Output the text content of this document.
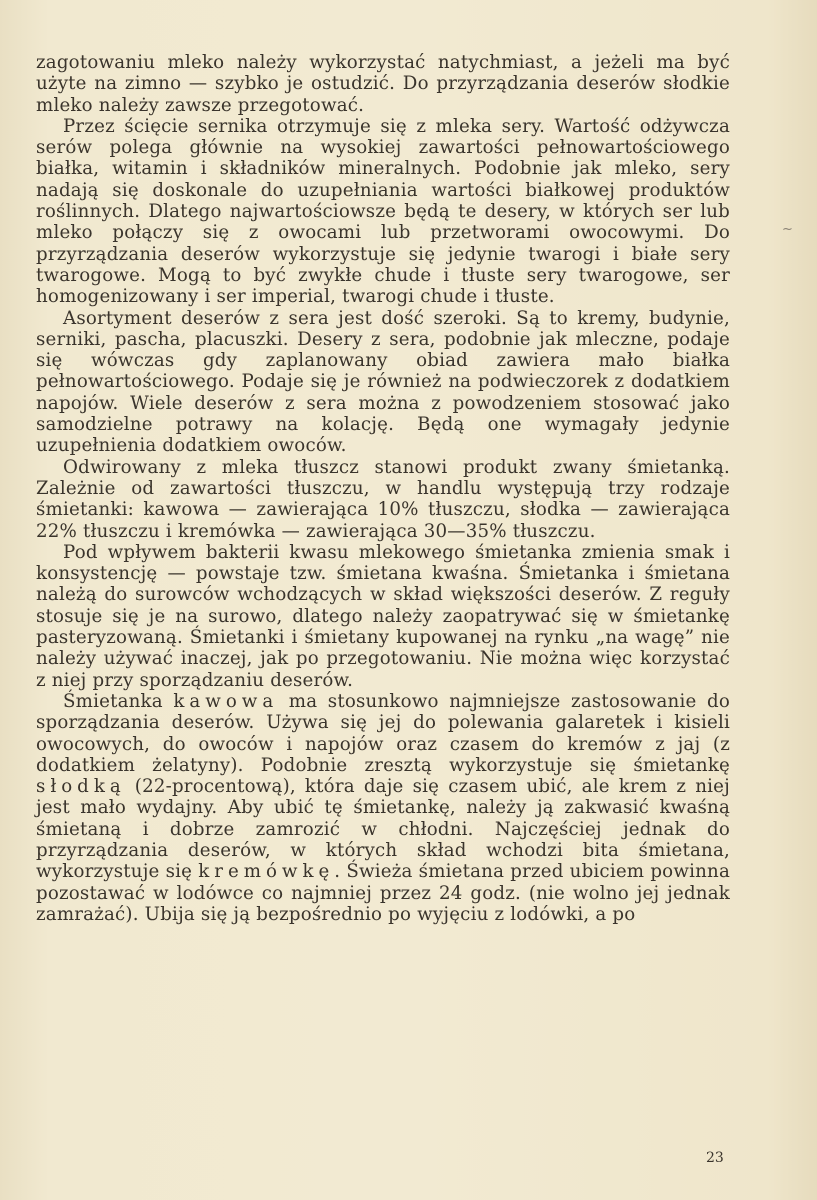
~

zagotowaniu mleko należy wykorzystać natychmiast, a jeżeli ma być użyte na zimno — szybko je ostudzić. Do przyrządzania deserów słodkie mleko należy zawsze przegotować.

Przez ścięcie sernika otrzymuje się z mleka sery. Wartość odżywcza serów polega głównie na wysokiej zawartości pełnowartościowego białka, witamin i składników mineralnych. Podobnie jak mleko, sery nadają się doskonale do uzupełniania wartości białkowej produktów roślinnych. Dlatego najwartościowsze będą te desery, w których ser lub mleko połączy się z owocami lub przetworami owocowymi. Do przyrządzania deserów wykorzystuje się jedynie twarogi i białe sery twarogowe. Mogą to być zwykłe chude i tłuste sery twarogowe, ser homogenizowany i ser imperial, twarogi chude i tłuste.

Asortyment deserów z sera jest dość szeroki. Są to kremy, budynie, serniki, pascha, placuszki. Desery z sera, podobnie jak mleczne, podaje się wówczas gdy zaplanowany obiad zawiera mało białka pełnowartościowego. Podaje się je również na podwieczorek z dodatkiem napojów. Wiele deserów z sera można z powodzeniem stosować jako samodzielne potrawy na kolację. Będą one wymagały jedynie uzupełnienia dodatkiem owoców.

Odwirowany z mleka tłuszcz stanowi produkt zwany śmietanką. Zależnie od zawartości tłuszczu, w handlu występują trzy rodzaje śmietanki: kawowa — zawierająca 10% tłuszczu, słodka — zawierająca 22% tłuszczu i kremówka — zawierająca 30—35% tłuszczu.

Pod wpływem bakterii kwasu mlekowego śmietanka zmienia smak i konsystencję — powstaje tzw. śmietana kwaśna. Śmietanka i śmietana należą do surowców wchodzących w skład większości deserów. Z reguły stosuje się je na surowo, dlatego należy zaopatrywać się w śmietankę pasteryzowaną. Śmietanki i śmietany kupowanej na rynku „na wagę” nie należy używać inaczej, jak po przegotowaniu. Nie można więc korzystać z niej przy sporządzaniu deserów.

Śmietanka kawowa ma stosunkowo najmniejsze zastosowanie do sporządzania deserów. Używa się jej do polewania galaretek i kisieli owocowych, do owoców i napojów oraz czasem do kremów z jaj (z dodatkiem żelatyny). Podobnie zresztą wykorzystuje się śmietankę słodką (22-procentową), która daje się czasem ubić, ale krem z niej jest mało wydajny. Aby ubić tę śmietankę, należy ją zakwasić kwaśną śmietaną i dobrze zamrozić w chłodni. Najczęściej jednak do przyrządzania deserów, w których skład wchodzi bita śmietana, wykorzystuje się kremówkę. Świeża śmietana przed ubiciem powinna pozostawać w lodówce co najmniej przez 24 godz. (nie wolno jej jednak zamrażać). Ubija się ją bezpośrednio po wyjęciu z lodówki, a po

23
